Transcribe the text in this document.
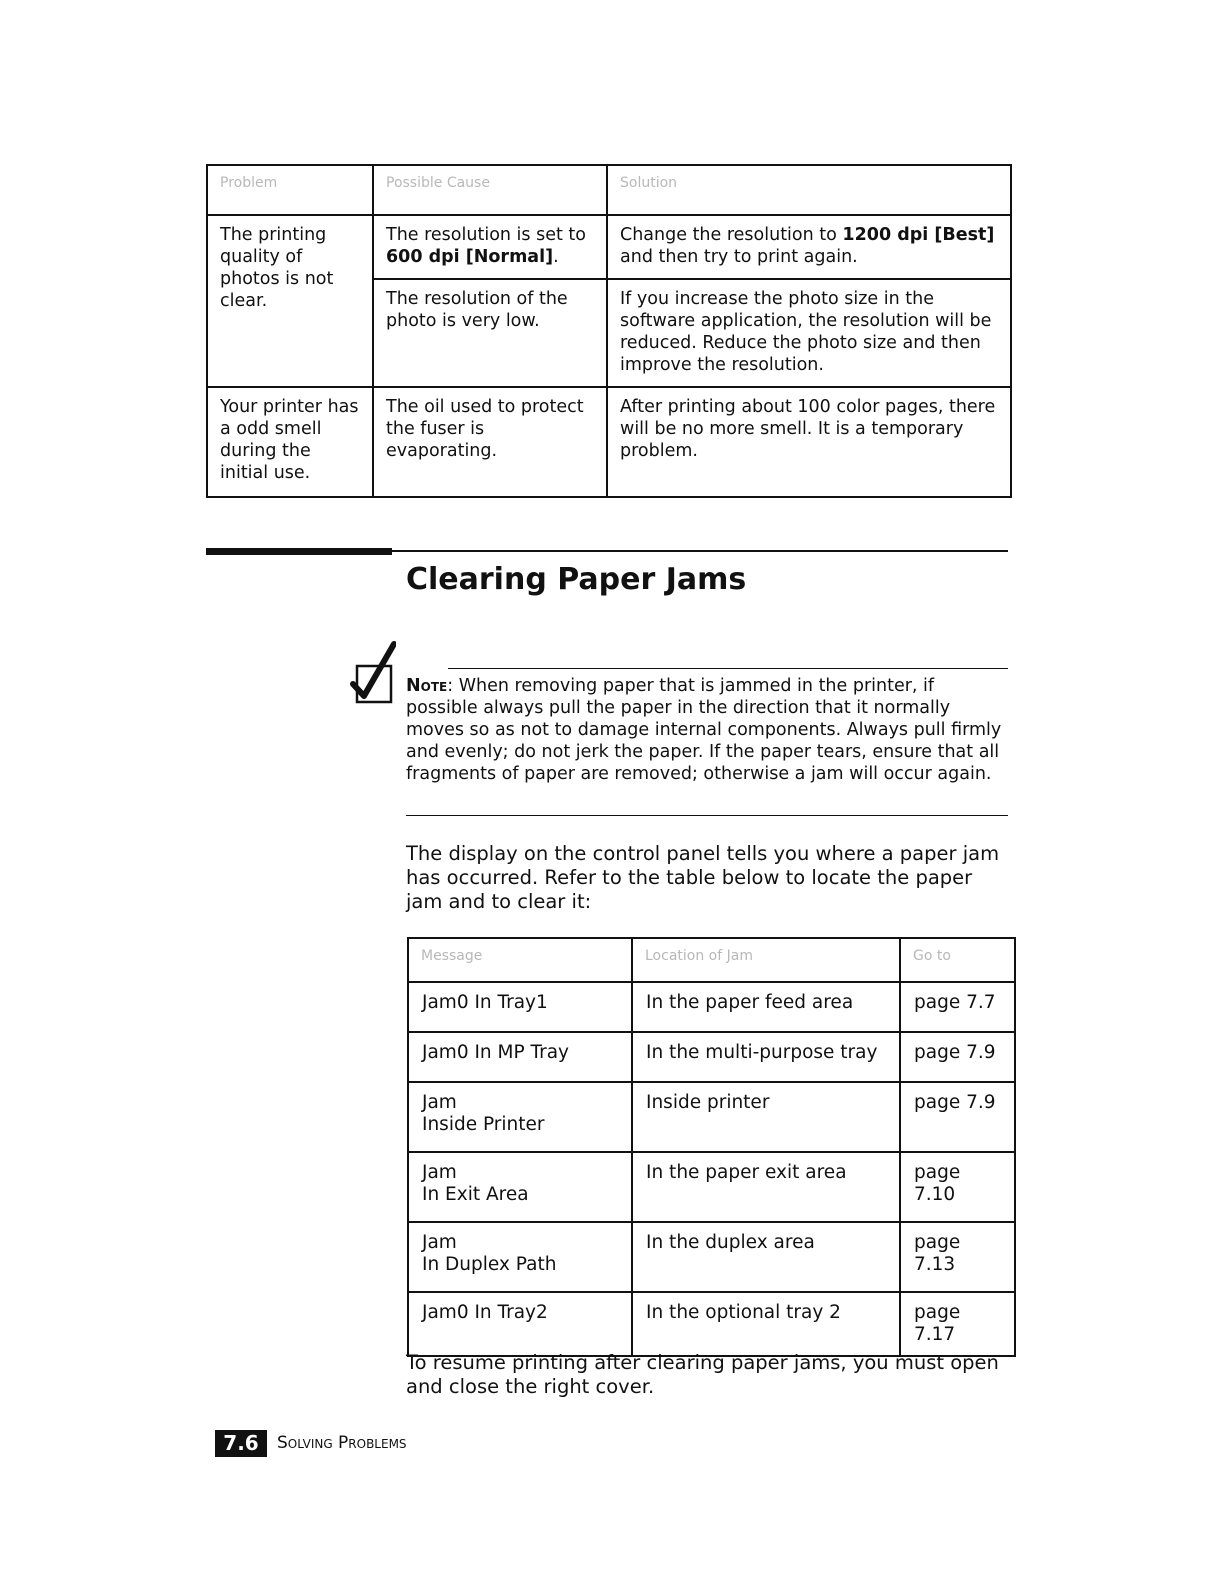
Problem	Possible Cause	Solution
The printing quality of photos is not clear.	The resolution is set to 600 dpi [Normal].	Change the resolution to 1200 dpi [Best] and then try to print again.
	The resolution of the photo is very low.	If you increase the photo size in the software application, the resolution will be reduced. Reduce the photo size and then improve the resolution.
Your printer has a odd smell during the initial use.	The oil used to protect the fuser is evaporating.	After printing about 100 color pages, there will be no more smell. It is a temporary problem.
Clearing Paper Jams

Note: When removing paper that is jammed in the printer, if possible always pull the paper in the direction that it normally moves so as not to damage internal components. Always pull firmly and evenly; do not jerk the paper. If the paper tears, ensure that all fragments of paper are removed; otherwise a jam will occur again.

The display on the control panel tells you where a paper jam has occurred. Refer to the table below to locate the paper jam and to clear it:

Message	Location of Jam	Go to
Jam0 In Tray1	In the paper feed area	page 7.7
Jam0 In MP Tray	In the multi-purpose tray	page 7.9
Jam
Inside Printer	Inside printer	page 7.9
Jam
In Exit Area	In the paper exit area	page 7.10
Jam
In Duplex Path	In the duplex area	page 7.13
Jam0 In Tray2	In the optional tray 2	page 7.17

To resume printing after clearing paper jams, you must open and close the right cover.

7.6	Solving Problems
